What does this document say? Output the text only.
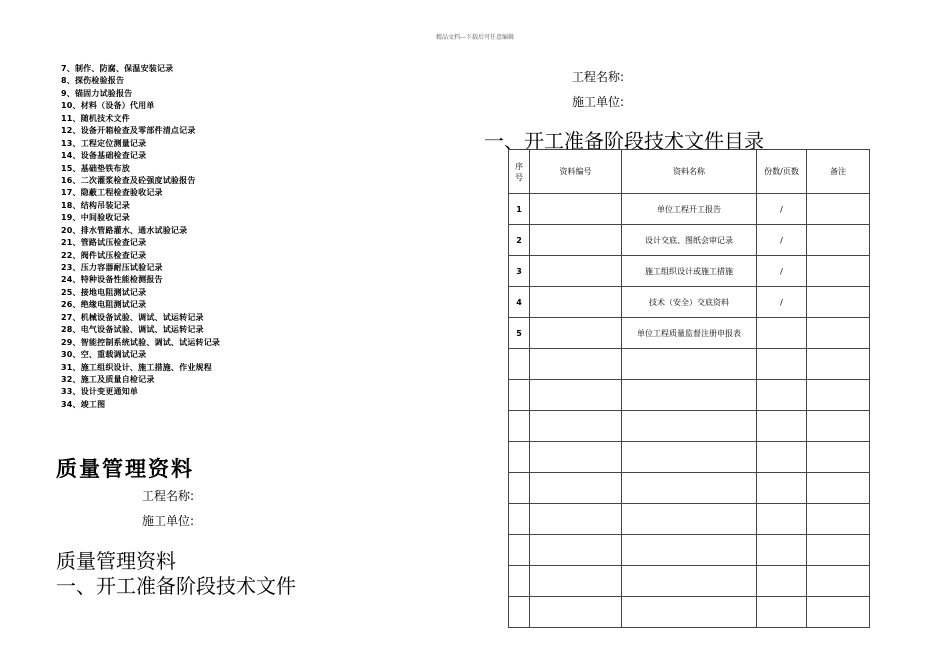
精品文档---下载后可任意编辑
7、制作、防腐、保温安装记录
8、探伤检验报告
9、锚固力试验报告
10、材料（设备）代用单
11、随机技术文件
12、设备开箱检查及零部件清点记录
13、工程定位测量记录
14、设备基础检查记录
15、基础垫铁布放
16、二次灌浆检查及砼强度试验报告
17、隐蔽工程检查验收记录
18、结构吊装记录
19、中间验收记录
20、排水管路灌水、通水试验记录
21、管路试压检查记录
22、阀件试压检查记录
23、压力容器耐压试验记录
24、特种设备性能检测报告
25、接地电阻测试记录
26、绝缘电阻测试记录
27、机械设备试验、调试、试运转记录
28、电气设备试验、调试、试运转记录
29、智能控制系统试验、调试、试运转记录
30、空、重载调试记录
31、施工组织设计、施工措施、作业规程
32、施工及质量自检记录
33、设计变更通知单
34、竣工图
质量管理资料
工程名称:
施工单位:
质量管理资料
一、开工准备阶段技术文件
工程名称:
施工单位:
一、开工准备阶段技术文件目录
序号	资料编号	资料名称	份数/页数	备注
1		单位工程开工报告	/	
2		设计交底、图纸会审记录	/	
3		施工组织设计或施工措施	/	
4		技术（安全）交底资料	/	
5		单位工程质量监督注册申报表		
